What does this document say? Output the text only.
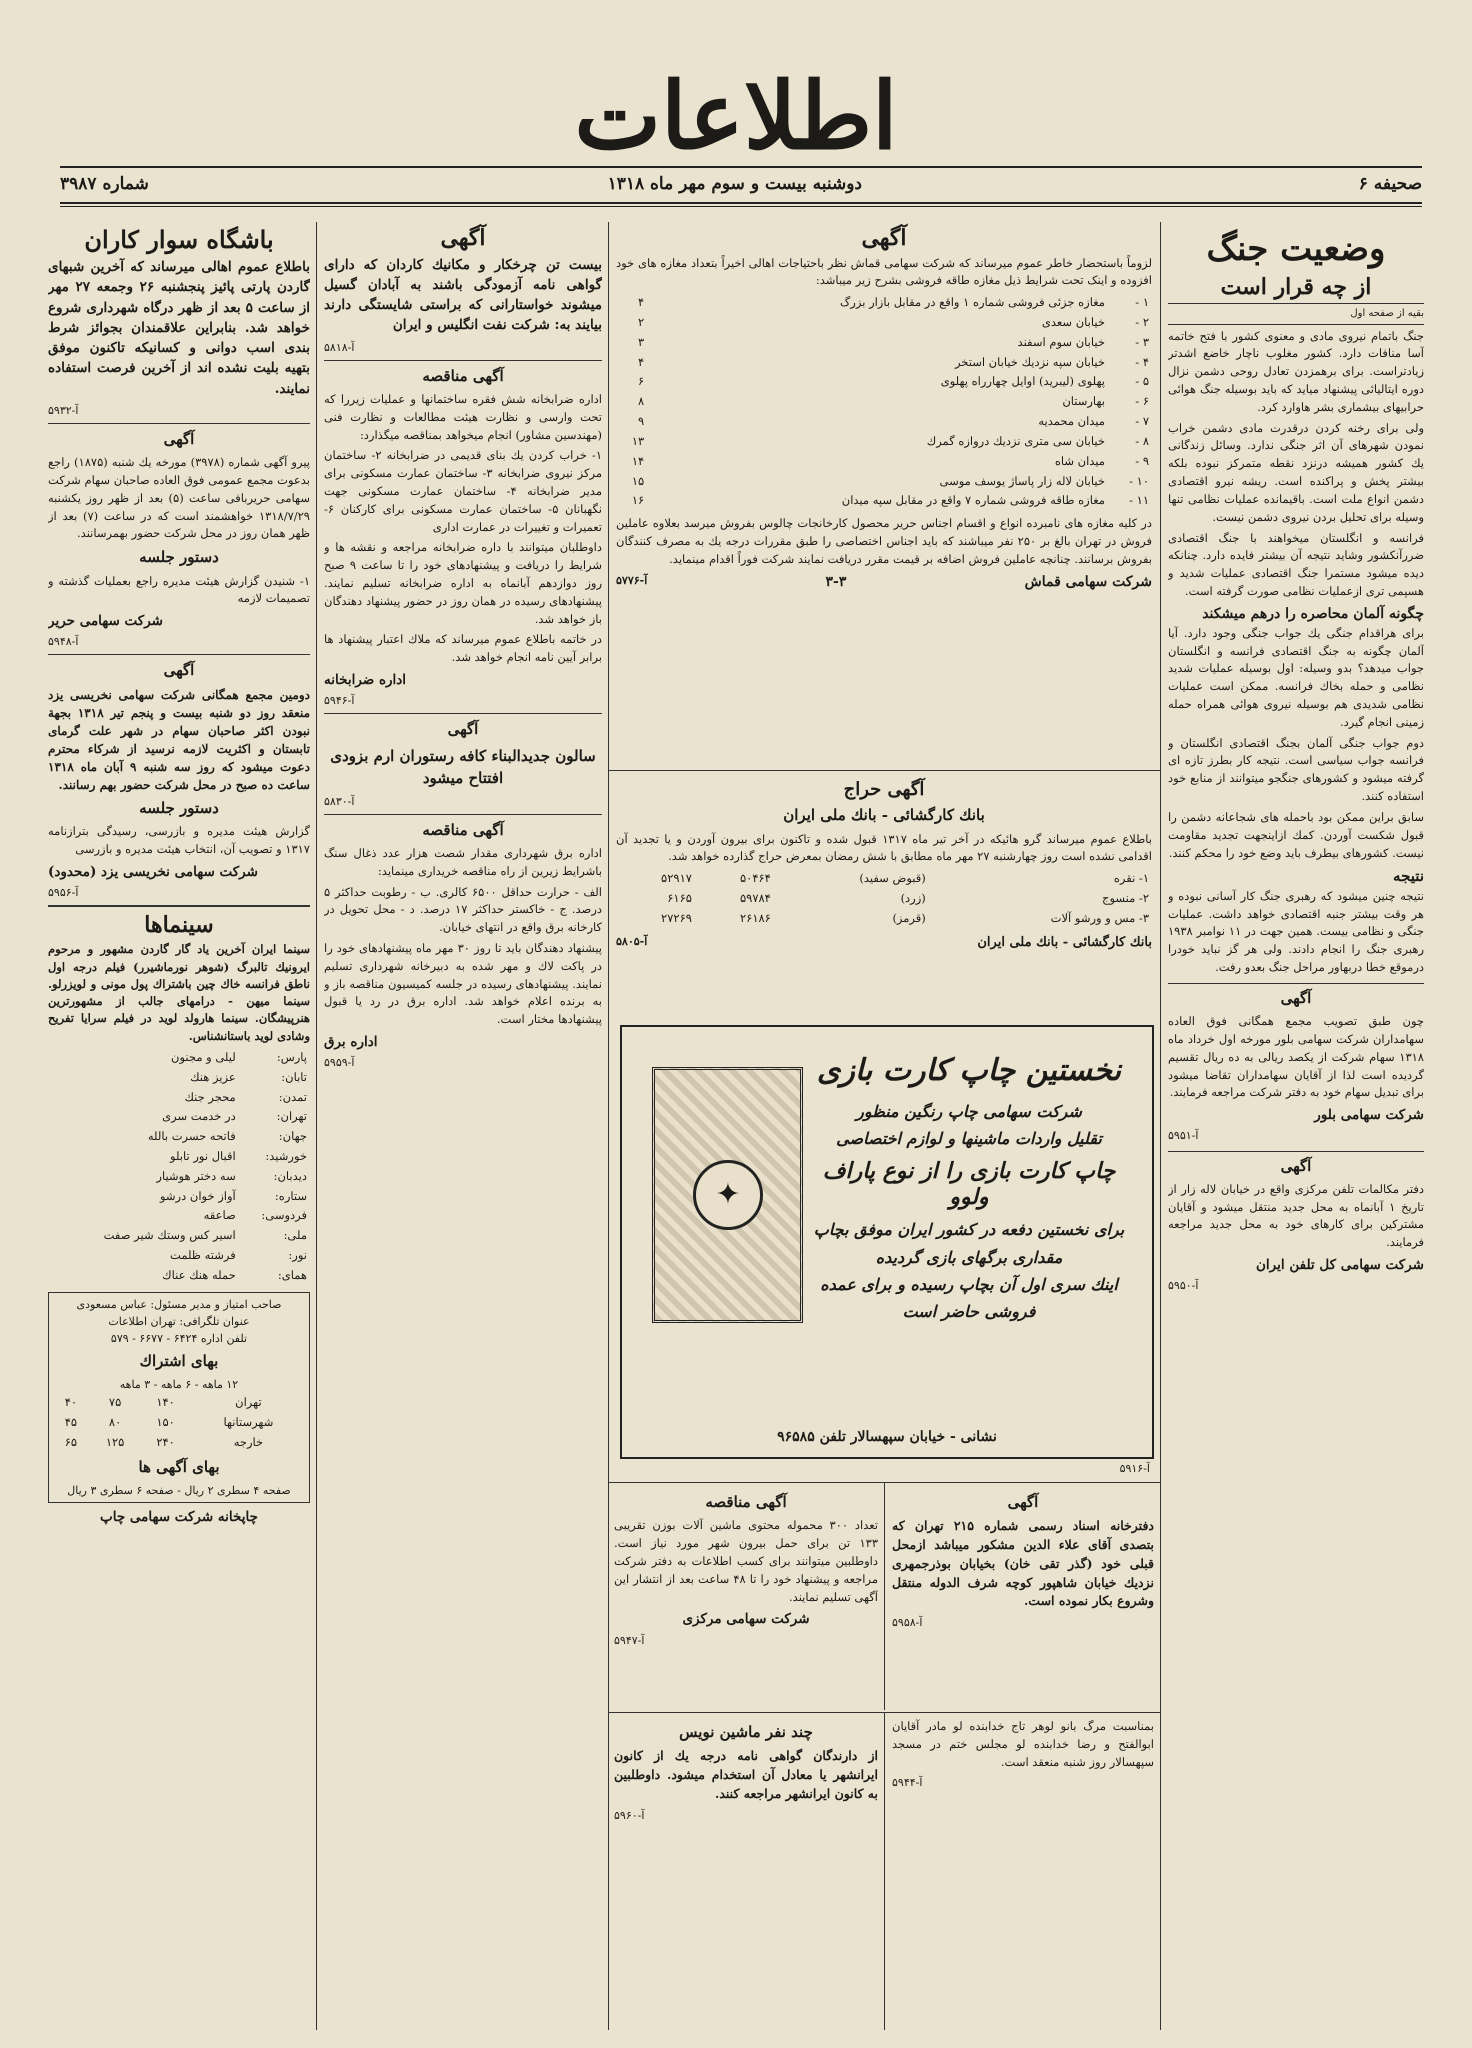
اطلاعات
صحیفه ۶
دوشنبه بیست و سوم مهر ماه ۱۳۱۸
شماره ۳۹۸۷
وضعیت جنگ
از چه قرار است

بقیه از صفحه اول

جنگ باتمام نیروی مادی و معنوی کشور با فتح خاتمه آسا منافات دارد. کشور مغلوب ناچار خاضع اشدتر زیادتراست. برای برهمزدن تعادل روحی دشمن نزال دوره ایتالیائی پیشنهاد میاید که باید بوسیله جنگ هوائی حرابیهای بیشماری بشر هاوارد کرد.

ولی برای رخنه کردن درقدرت مادی دشمن خراب نمودن شهرهای آن اثر جنگی ندارد. وسائل زندگانی یك كشور همیشه درنزد نقطه متمرکز نبوده بلکه بیشتر پخش و پراکنده است. ریشه نیرو اقتصادی دشمن انواع ملت است. باقیمانده عملیات نظامی تنها وسیله برای تحلیل بردن نیروی دشمن نیست.

فرانسه و انگلستان میخواهند با جنگ اقتصادی ضررآنکشور وشاید نتیجه آن بیشتر فایده دارد. چنانکه دیده میشود مستمرا جنگ اقتصادی عملیات شدید و هسپمی تری ازعملیات نظامی صورت گرفته است.

چگونه آلمان محاصره را درهم میشکند

برای هراقدام جنگی یك جواب جنگی وجود دارد. آیا آلمان چگونه به جنگ اقتصادی فرانسه و انگلستان جواب میدهد؟ بدو وسیله: اول بوسیله عملیات شدید نظامی و حمله بخاك فرانسه. ممکن است عملیات نظامی شدیدی هم بوسیله نیروی هوائی همراه حمله زمینی انجام گیرد.

دوم جواب جنگی آلمان بجنگ اقتصادی انگلستان و فرانسه جواب سیاسی است. نتیجه کار بطرز تازه ای گرفته میشود و کشورهای جنگجو میتوانند از منابع خود استفاده کنند.

سابق براین ممکن بود باحمله های شجاعانه دشمن را قبول شکست آوردن. کمك ازاینجهت تجدید مقاومت نیست. کشورهای بیطرف باید وضع خود را محکم کنند.

نتیجه

نتیجه چنین میشود که رهبری جنگ کار آسانی نبوده و هر وقت بیشتر جنبه اقتصادی خواهد داشت. عملیات جنگی و نظامی بیست. همین جهت در ۱۱ نوامبر ۱۹۳۸ رهبری جنگ را انجام دادند. ولی هر گز نباید خودرا درموقع خطا دربهاور مراحل جنگ بعدو رفت.

آگهی

چون طبق تصویب مجمع همگانی فوق العاده سهامداران شرکت سهامی بلور مورخه اول خرداد ماه ۱۳۱۸ سهام شرکت از یکصد ریالی به ده ریال تقسیم گردیده است لذا از آقایان سهامداران تقاضا میشود برای تبدیل سهام خود به دفتر شرکت مراجعه فرمایند.

شرکت سهامی بلور
آ-۵۹۵۱
آگهی

دفتر مکالمات تلفن مرکزی واقع در خیابان لاله زار از تاریخ ۱ آبانماه به محل جدید منتقل میشود و آقایان مشترکین برای کارهای خود به محل جدید مراجعه فرمایند.

شرکت سهامی کل تلفن ایران
آ-۵۹۵۰
آگهی

لزوماً باستحضار خاطر عموم میرساند که شرکت سهامی قماش نظر باحتیاجات اهالی اخیراً بتعداد مغازه های خود افزوده و اینک تحت شرایط ذیل مغازه طاقه فروشی بشرح زیر میباشد:

۱ -	مغازه جزئی فروشی شماره ۱ واقع در مقابل بازار بزرگ	۴
۲ -	خیابان سعدی	۲
۳ -	خیابان سوم اسفند	۳
۴ -	خیابان سپه نزدیك خیابان استخر	۴
۵ -	پهلوی (لیبرید) اوایل چهارراه پهلوی	۶
۶ -	بهارستان	۸
۷ -	میدان محمدیه	۹
۸ -	خیابان سی متری نزدیك دروازه گمرك	۱۳
۹ -	میدان شاه	۱۴
۱۰ -	خیابان لاله زار پاساژ یوسف موسی	۱۵
۱۱ -	مغازه طاقه فروشی شماره ۷ واقع در مقابل سپه میدان	۱۶

در کلیه مغازه های نامبرده انواع و اقسام اجناس حریر محصول کارخانجات چالوس بفروش میرسد بعلاوه عاملین فروش در تهران بالغ بر ۲۵۰ نفر میباشند که باید اجناس اختصاصی را طبق مقررات درجه یك به مصرف کنندگان بفروش برسانند. چنانچه عاملین فروش اضافه بر قیمت مقرر دریافت نمایند شرکت فوراً اقدام مینماید.

شرکت سهامی قماش
۳-۳
آ-۵۷۷۶
آگهی حراج
بانك کارگشائی - بانك ملی ایران

باطلاع عموم میرساند گرو هائیکه در آخر تیر ماه ۱۳۱۷ قبول شده و تاکنون برای بیرون آوردن و یا تجدید آن اقدامی نشده است روز چهارشنبه ۲۷ مهر ماه مطابق با شش رمضان بمعرض حراج گذارده خواهد شد.

۱- نقره	(قبوض سفید)	۵۰۴۶۴	۵۲۹۱۷
۲- منسوج	(زرد)	۵۹۷۸۴	۶۱۶۵
۳- مس و ورشو آلات	(قرمز)	۲۶۱۸۶	۲۷۲۶۹
بانك کارگشائی - بانك ملی ایران
آ-۵۸۰۵
✦
نخستین چاپ کارت بازی
شرکت سهامی چاپ رنگین منظور
تقلیل واردات ماشینها و لوازم اختصاصی
چاپ کارت بازی را از نوع پاراف ولوو
برای نخستین دفعه در کشور ایران موفق بچاپ مقداری برگهای بازی گردیده
اینك سری اول آن بچاپ رسیده و برای عمده فروشی حاضر است
نشانی - خیابان سپهسالار تلفن ۹۶۵۸۵
آ-۵۹۱۶
آگهی

دفترخانه اسناد رسمی شماره ۲۱۵ تهران که بتصدی آقای علاء الدین مشکور میباشد ازمحل قبلی خود (گذر تقی خان) بخیابان بوذرجمهری نزدیك خیابان شاهپور کوچه شرف الدوله منتقل وشروع بکار نموده است.

آ-۵۹۵۸
آگهی مناقصه

تعداد ۳۰۰ محموله محتوی ماشین آلات بوزن تقریبی ۱۳۳ تن برای حمل بیرون شهر مورد نیاز است. داوطلبین میتوانند برای کسب اطلاعات به دفتر شرکت مراجعه و پیشنهاد خود را تا ۴۸ ساعت بعد از انتشار این آگهی تسلیم نمایند.

شرکت سهامی مرکزی
آ-۵۹۴۷

بمناسبت مرگ بانو لوهر تاج خدابنده لو مادر آقایان ابوالفتح و رضا خدابنده لو مجلس ختم در مسجد سپهسالار روز شنبه منعقد است.

آ-۵۹۴۴
چند نفر ماشین نویس

از دارندگان گواهی نامه درجه یك از کانون ایرانشهر یا معادل آن استخدام میشود. داوطلبین به کانون ایرانشهر مراجعه کنند.

آ-۵۹۶۰
آگهی

بیست تن چرخکار و مکانیك کاردان که دارای گواهی نامه آزمودگی باشند به آبادان گسیل میشوند خواستارانی که براستی شایستگی دارند بیایند به: شرکت نفت انگلیس و ایران

آ-۵۸۱۸
آگهی مناقصه

اداره ضرابخانه شش فقره ساختمانها و عملیات زیررا که تحت وارسی و نظارت هیئت مطالعات و نظارت فنی (مهندسین مشاور) انجام میخواهد بمناقصه میگذارد:

۱- خراب کردن یك بنای قدیمی در ضرابخانه ۲- ساختمان مرکز نیروی ضرابخانه ۳- ساختمان عمارت مسکونی برای مدیر ضرابخانه ۴- ساختمان عمارت مسکونی جهت نگهبانان ۵- ساختمان عمارت مسکونی برای کارکنان ۶- تعمیرات و تغییرات در عمارت اداری

داوطلبان میتوانند با داره ضرابخانه مراجعه و نقشه ها و شرایط را دریافت و پیشنهادهای خود را تا ساعت ۹ صبح روز دوازدهم آبانماه به اداره ضرابخانه تسلیم نمایند. پیشنهادهای رسیده در همان روز در حضور پیشنهاد دهندگان باز خواهد شد.

در خاتمه باطلاع عموم میرساند که ملاك اعتبار پیشنهاد ها برابر آیین نامه انجام خواهد شد.

اداره ضرابخانه
آ-۵۹۴۶
آگهی

سالون جدیدالبناء کافه رستوران ارم بزودی افتتاح میشود

آ-۵۸۳۰
آگهی مناقصه

اداره برق شهرداری مقدار شصت هزار عدد ذغال سنگ باشرایط زیرین از راه مناقصه خریداری مینماید:

الف - حرارت حداقل ۶۵۰۰ کالری. ب - رطوبت حداکثر ۵ درصد. ج - خاکستر حداکثر ۱۷ درصد. د - محل تحویل در کارخانه برق واقع در انتهای خیابان.

پیشنهاد دهندگان باید تا روز ۳۰ مهر ماه پیشنهادهای خود را در پاکت لاك و مهر شده به دبیرخانه شهرداری تسلیم نمایند. پیشنهادهای رسیده در جلسه کمیسیون مناقصه باز و به برنده اعلام خواهد شد. اداره برق در رد یا قبول پیشنهادها مختار است.

اداره برق
آ-۵۹۵۹
باشگاه سوار کاران

باطلاع عموم اهالی میرساند که آخرین شبهای گاردن پارتی پائیز پنجشنبه ۲۶ وجمعه ۲۷ مهر از ساعت ۵ بعد از ظهر درگاه شهرداری شروع خواهد شد. بنابراین علاقمندان بجوائز شرط بندی اسب دوانی و کسانیکه تاکنون موفق بتهیه بلیت نشده اند از آخرین فرصت استفاده نمایند.

آ-۵۹۳۲
آگهی

پیرو آگهی شماره (۳۹۷۸) مورخه یك شنبه (۱۸۷۵) راجع بدعوت مجمع عمومی فوق العاده صاحبان سهام شرکت سهامی حریربافی ساعت (۵) بعد از ظهر روز یکشنبه ۱۳۱۸/۷/۲۹ خواهشمند است که در ساعت (۷) بعد از ظهر همان روز در محل شرکت حضور بهمرسانند.

دستور جلسه

۱- شنیدن گزارش هیئت مدیره راجع بعملیات گذشته و تصمیمات لازمه

شرکت سهامی حریر
آ-۵۹۴۸
آگهی

دومین مجمع همگانی شرکت سهامی نخریسی یزد منعقد روز دو شنبه بیست و پنجم تیر ۱۳۱۸ بجهة نبودن اکثر صاحبان سهام در شهر علت گرمای تابستان و اکثریت لازمه نرسید از شرکاء محترم دعوت میشود که روز سه شنبه ۹ آبان ماه ۱۳۱۸ ساعت ده صبح در محل شرکت حضور بهم رسانند.

دستور جلسه

گزارش هیئت مدیره و بازرسی، رسیدگی بترازنامه ۱۳۱۷ و تصویب آن، انتخاب هیئت مدیره و بازرسی

شرکت سهامی نخریسی یزد (محدود)
آ-۵۹۵۶
سینماها

سینما ایران آخرین یاد گار گاردن مشهور و مرحوم ایرونیك تالبرگ (شوهر نورماشیرر) فیلم درجه اول ناطق فرانسه خاك چین باشتراك پول مونی و لویزرلو. سینما میهن - درامهای جالب از مشهورترین هنرپیشگان. سینما هارولد لوید در فیلم سرایا تفریح وشادی لوید باستانشناس.

پارس:	لیلی و مجنون
تابان:	عزیز هنك
تمدن:	محجر جنك
تهران:	در خدمت سری
جهان:	فاتحه حسرت بالله
خورشید:	اقبال نور تابلو
دیدبان:	سه دختر هوشیار
ستاره:	آواز خوان درشو
فردوسی:	صاعقه
ملی:	اسیر کس وستك شیر صفت
نور:	فرشته ظلمت
همای:	حمله هنك عناك
صاحب امتیاز و مدیر مسئول: عباس مسعودی
عنوان تلگرافی: تهران اطلاعات
تلفن اداره ۶۴۲۴ - ۶۶۷۷ - ۵۷۹
بهای اشتراك
۱۲ ماهه - ۶ ماهه - ۳ ماهه
تهران	۱۴۰	۷۵	۴۰
شهرستانها	۱۵۰	۸۰	۴۵
خارجه	۲۴۰	۱۲۵	۶۵
بهای آگهی ها
صفحه ۴ سطری ۲ ریال - صفحه ۶ سطری ۳ ریال
چاپخانه شرکت سهامی چاپ
